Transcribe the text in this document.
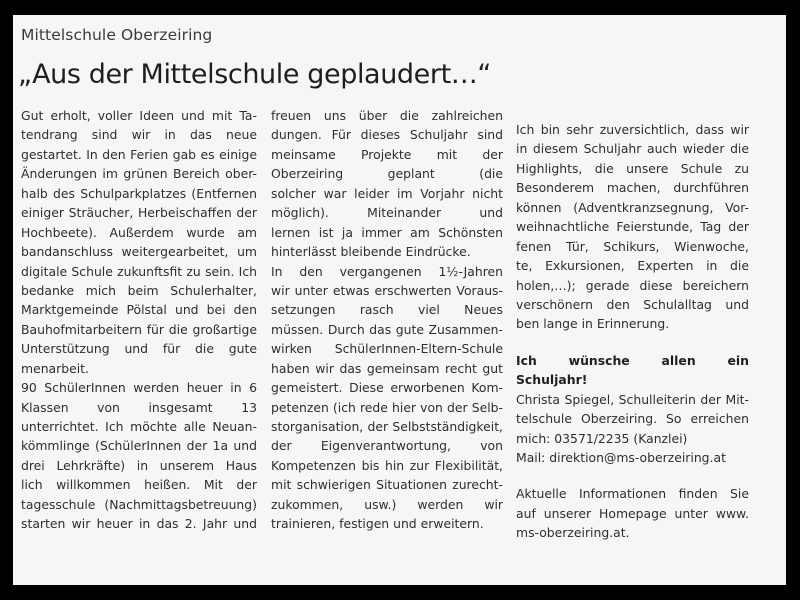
Mittelschule Oberzeiring
„Aus der Mittelschule geplaudert…“
Gut erholt, voller Ideen und mit Ta-
tendrang sind wir in das neue
gestartet. In den Ferien gab es einige
Änderungen im grünen Bereich ober-
halb des Schulparkplatzes (Entfernen
einiger Sträucher, Herbeischaffen der
Hochbeete). Außerdem wurde am
bandanschluss weitergearbeitet, um
digitale Schule zukunftsfit zu sein. Ich
bedanke mich beim Schulerhalter,
Marktgemeinde Pölstal und bei den
Bauhofmitarbeitern für die großartige
Unterstützung und für die gute
menarbeit.
90 SchülerInnen werden heuer in 6
Klassen von insgesamt 13
unterrichtet. Ich möchte alle Neuan-
kömmlinge (SchülerInnen der 1a und
drei Lehrkräfte) in unserem Haus
lich willkommen heißen. Mit der
tagesschule (Nachmittagsbetreuung)
starten wir heuer in das 2. Jahr und
freuen uns über die zahlreichen
dungen. Für dieses Schuljahr sind
meinsame Projekte mit der
Oberzeiring geplant (die
solcher war leider im Vorjahr nicht
möglich). Miteinander und
lernen ist ja immer am Schönsten
hinterlässt bleibende Eindrücke.
In den vergangenen 1½-Jahren
wir unter etwas erschwerten Voraus-
setzungen rasch viel Neues
müssen. Durch das gute Zusammen-
wirken SchülerInnen-Eltern-Schule
haben wir das gemeinsam recht gut
gemeistert. Diese erworbenen Kom-
petenzen (ich rede hier von der Selb-
storganisation, der Selbstständigkeit,
der Eigenverantwortung, von
Kompetenzen bis hin zur Flexibilität,
mit schwierigen Situationen zurecht-
zukommen, usw.) werden wir
trainieren, festigen und erweitern.
Ich bin sehr zuversichtlich, dass wir
in diesem Schuljahr auch wieder die
Highlights, die unsere Schule zu
Besonderem machen, durchführen
können (Adventkranzsegnung, Vor-
weihnachtliche Feierstunde, Tag der
fenen Tür, Schikurs, Wienwoche,
te, Exkursionen, Experten in die
holen,…); gerade diese bereichern
verschönern den Schulalltag und
ben lange in Erinnerung.
Ich wünsche allen ein
Schuljahr!
Christa Spiegel, Schulleiterin der Mit-
telschule Oberzeiring. So erreichen
mich: 03571/2235 (Kanzlei)
Mail: direktion@ms-oberzeiring.at
Aktuelle Informationen finden Sie
auf unserer Homepage unter www.
ms-oberzeiring.at.
